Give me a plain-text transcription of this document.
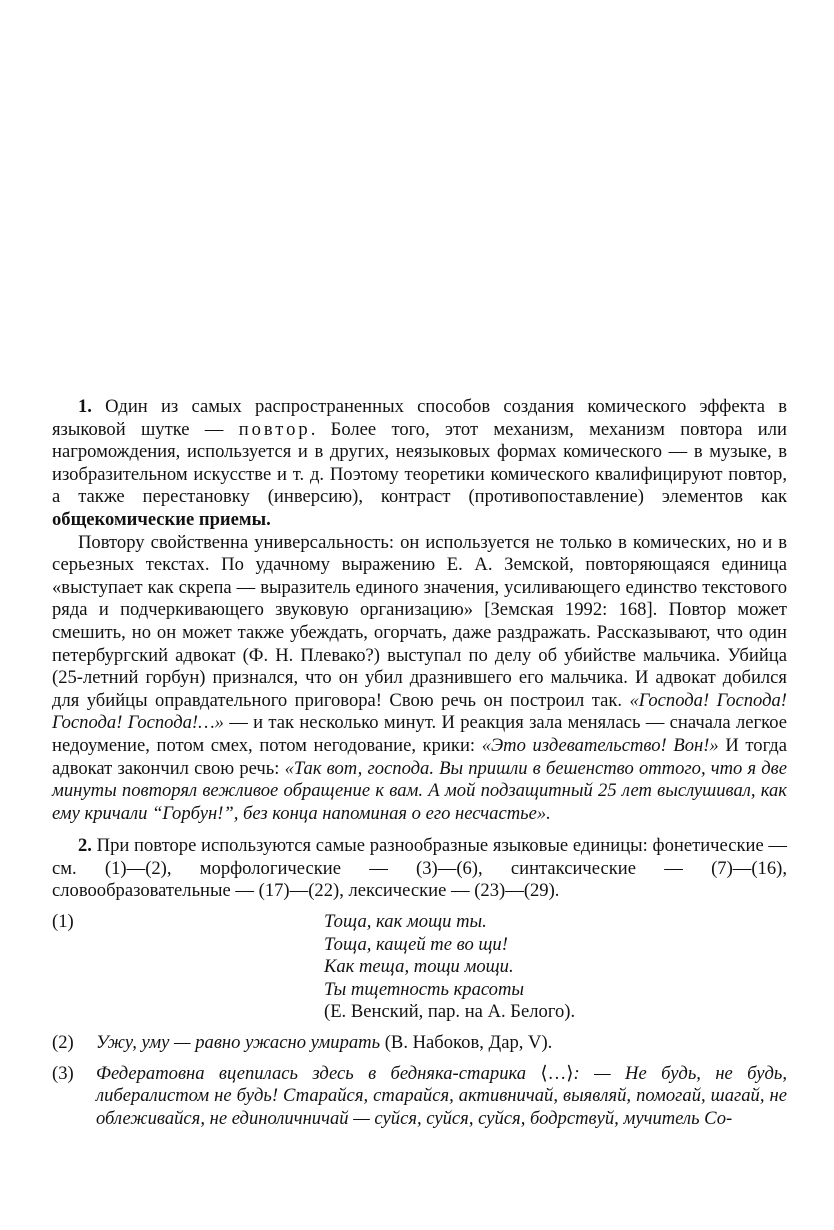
1. Один из самых распространенных способов создания комического эффекта в языковой шутке — повтор. Более того, этот механизм, механизм повтора или нагромождения, используется и в других, неязыковых формах комического — в музыке, в изобразительном искусстве и т. д. Поэтому теоретики комического квалифицируют повтор, а также перестановку (инверсию), контраст (противопоставление) элементов как общекомические приемы.

Повтору свойственна универсальность: он используется не только в комических, но и в серьезных текстах. По удачному выражению Е. А. Земской, повторяющаяся единица «выступает как скрепа — выразитель единого значения, усиливающего единство текстового ряда и подчеркивающего звуковую организацию» [Земская 1992: 168]. Повтор может смешить, но он может также убеждать, огорчать, даже раздражать. Рассказывают, что один петербургский адвокат (Ф. Н. Плевако?) выступал по делу об убийстве мальчика. Убийца (25-летний горбун) признался, что он убил дразнившего его мальчика. И адвокат добился для убийцы оправдательного приговора! Свою речь он построил так. «Господа! Господа! Господа! Господа!…» — и так несколько минут. И реакция зала менялась — сначала легкое недоумение, потом смех, потом негодование, крики: «Это издевательство! Вон!» И тогда адвокат закончил свою речь: «Так вот, господа. Вы пришли в бешенство оттого, что я две минуты повторял вежливое обращение к вам. А мой подзащитный 25 лет выслушивал, как ему кричали “Горбун!”, без конца напоминая о его несчастье».

2. При повторе используются самые разнообразные языковые единицы: фонетические — см. (1)—(2), морфологические — (3)—(6), синтаксические — (7)—(16), словообразовательные — (17)—(22), лексические — (23)—(29).

(1)	Тоща, как мощи ты.
Тоща, кащей те во щи!
Как теща, тощи мощи.
Ты тщетность красоты
(Е. Венский, пар. на А. Белого).
(2)	Ужу, уму — равно ужасно умирать (В. Набоков, Дар, V).
(3)	Федератовна вцепилась здесь в бедняка-старика ⟨…⟩: — Не будь, не будь, либералистом не будь! Старайся, старайся, активничай, выявляй, помогай, шагай, не облеживайся, не единоличничай — суйся, суйся, суйся, бодрствуй, мучитель Со-
